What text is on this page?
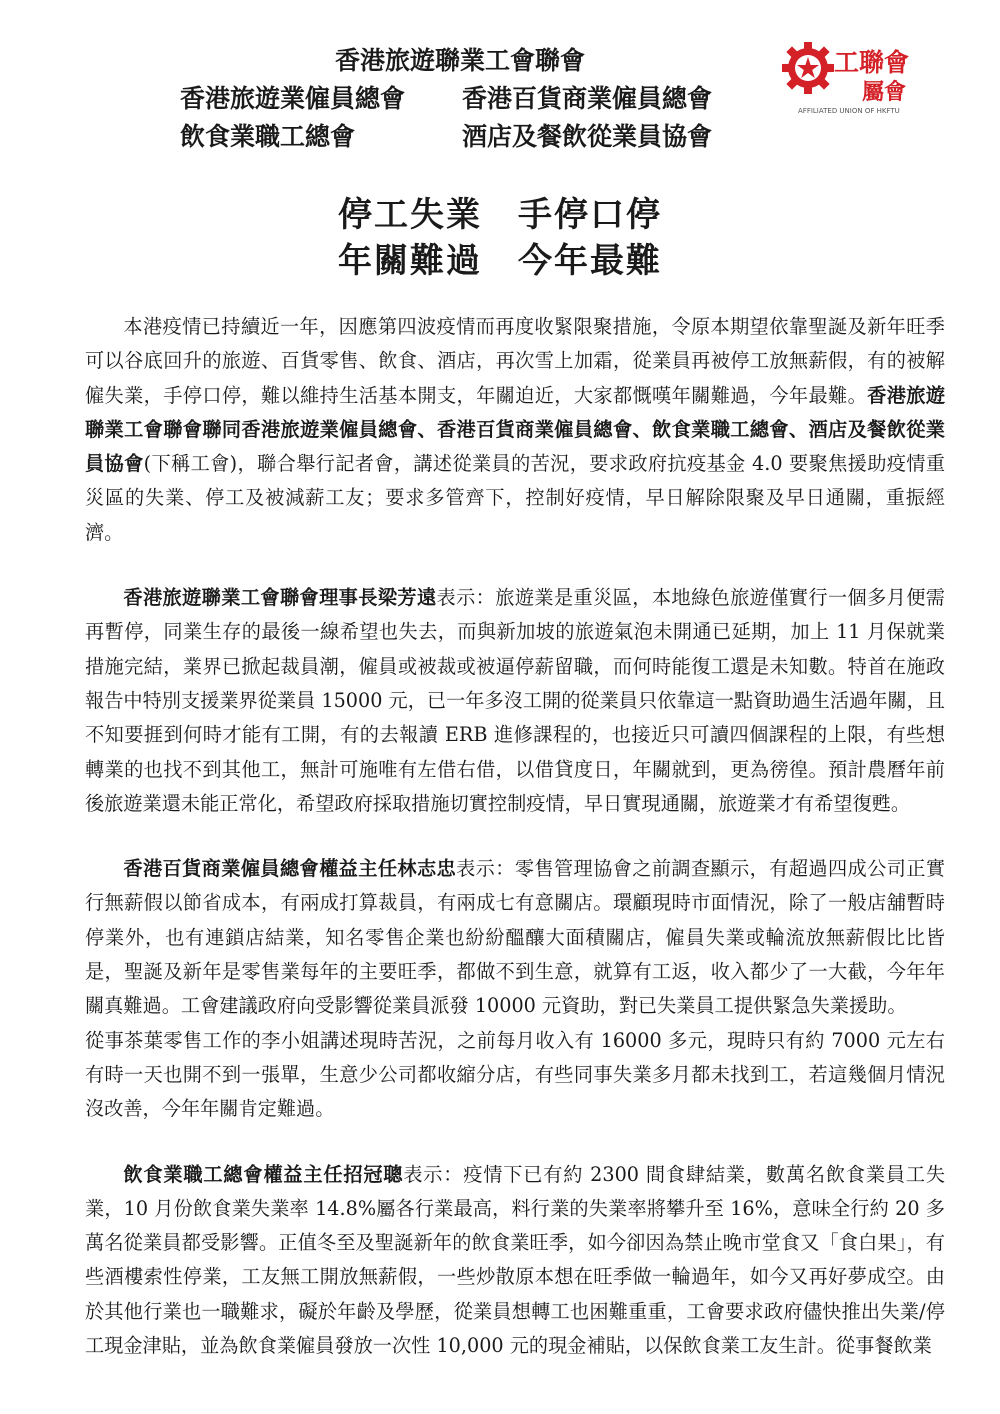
香港旅遊聯業工會聯會
香港旅遊業僱員總會	香港百貨商業僱員總會
飲食業職工總會	酒店及餐飲從業員協會
工聯會
屬會
AFFILIATED UNION OF HKFTU
停工失業　手停口停
年關難過　今年最難

本港疫情已持續近一年，因應第四波疫情而再度收緊限聚措施，令原本期望依靠聖誕及新年旺季可以谷底回升的旅遊、百貨零售、飲食、酒店，再次雪上加霜，從業員再被停工放無薪假，有的被解僱失業，手停口停，難以維持生活基本開支，年關迫近，大家都慨嘆年關難過，今年最難。香港旅遊聯業工會聯會聯同香港旅遊業僱員總會、香港百貨商業僱員總會、飲食業職工總會、酒店及餐飲從業員協會(下稱工會)，聯合舉行記者會，講述從業員的苦況，要求政府抗疫基金 4.0 要聚焦援助疫情重災區的失業、停工及被減薪工友；要求多管齊下，控制好疫情，早日解除限聚及早日通關，重振經濟。

香港旅遊聯業工會聯會理事長梁芳遠表示：旅遊業是重災區，本地綠色旅遊僅實行一個多月便需再暫停，同業生存的最後一線希望也失去，而與新加坡的旅遊氣泡未開通已延期，加上 11 月保就業措施完結，業界已掀起裁員潮，僱員或被裁或被逼停薪留職，而何時能復工還是未知數。特首在施政報告中特別支援業界從業員 15000 元，已一年多沒工開的從業員只依靠這一點資助過生活過年關，且不知要捱到何時才能有工開，有的去報讀 ERB 進修課程的，也接近只可讀四個課程的上限，有些想轉業的也找不到其他工，無計可施唯有左借右借，以借貸度日，年關就到，更為徬徨。預計農曆年前後旅遊業還未能正常化，希望政府採取措施切實控制疫情，早日實現通關，旅遊業才有希望復甦。

香港百貨商業僱員總會權益主任林志忠表示：零售管理協會之前調查顯示，有超過四成公司正實行無薪假以節省成本，有兩成打算裁員，有兩成七有意關店。環顧現時市面情況，除了一般店舖暫時停業外，也有連鎖店結業，知名零售企業也紛紛醞釀大面積關店，僱員失業或輪流放無薪假比比皆是，聖誕及新年是零售業每年的主要旺季，都做不到生意，就算有工返，收入都少了一大截，今年年關真難過。工會建議政府向受影響從業員派發 10000 元資助，對已失業員工提供緊急失業援助。

從事茶葉零售工作的李小姐講述現時苦況，之前每月收入有 16000 多元，現時只有約 7000 元左右有時一天也開不到一張單，生意少公司都收縮分店，有些同事失業多月都未找到工，若這幾個月情況沒改善，今年年關肯定難過。

飲食業職工總會權益主任招冠聰表示：疫情下已有約 2300 間食肆結業，數萬名飲食業員工失業，10 月份飲食業失業率 14.8%屬各行業最高，料行業的失業率將攀升至 16%，意味全行約 20 多萬名從業員都受影響。正值冬至及聖誕新年的飲食業旺季，如今卻因為禁止晚市堂食又「食白果」，有些酒樓索性停業，工友無工開放無薪假，一些炒散原本想在旺季做一輪過年，如今又再好夢成空。由於其他行業也一職難求，礙於年齡及學歷，從業員想轉工也困難重重，工會要求政府儘快推出失業/停工現金津貼，並為飲食業僱員發放一次性 10,000 元的現金補貼，以保飲食業工友生計。從事餐飲業
